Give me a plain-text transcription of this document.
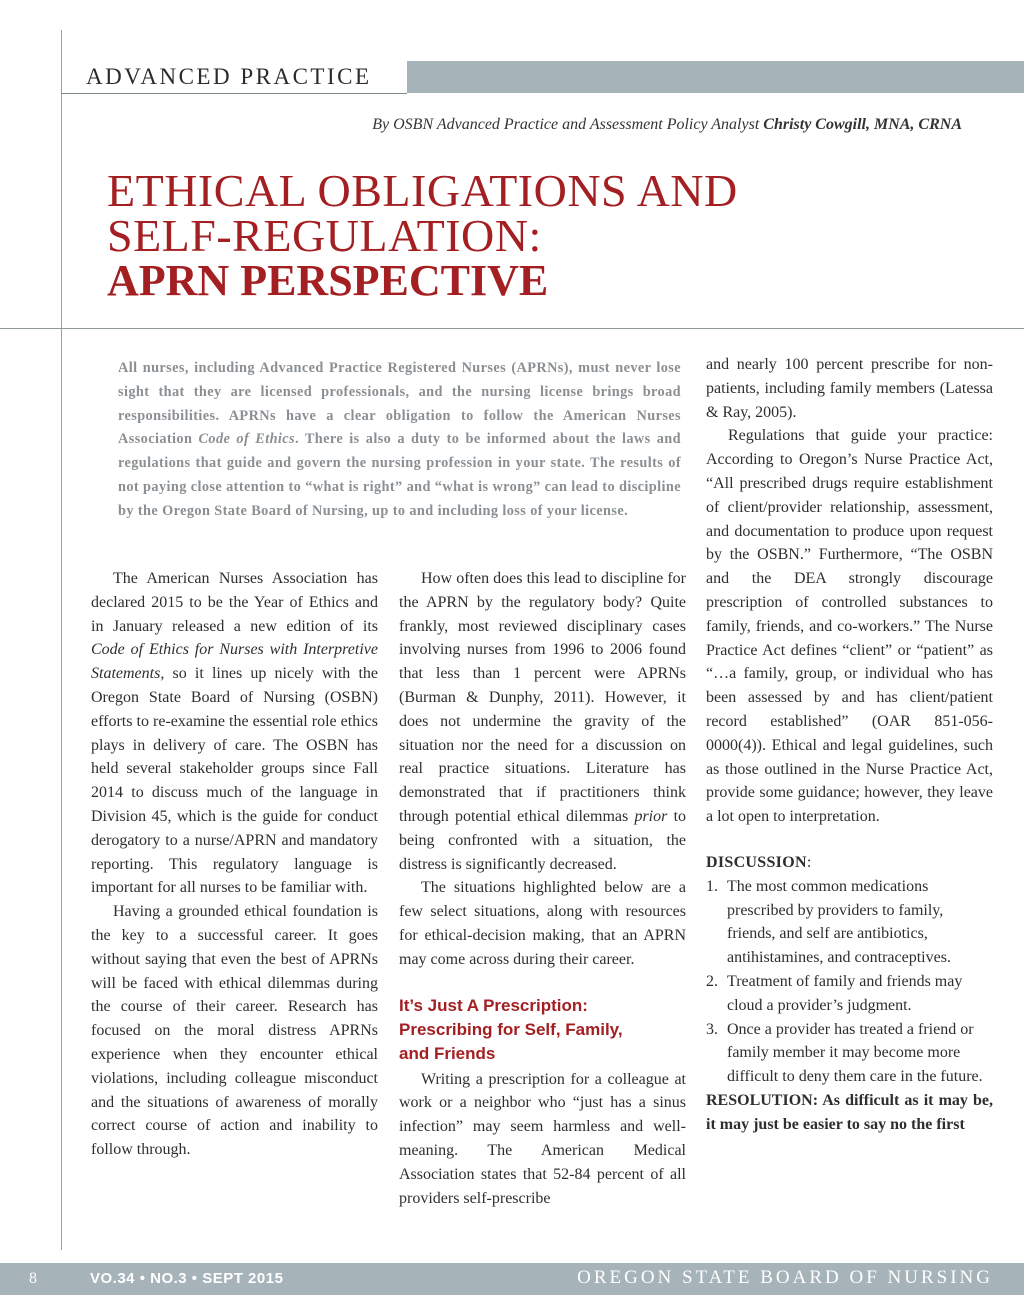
ADVANCED PRACTICE
By OSBN Advanced Practice and Assessment Policy Analyst Christy Cowgill, MNA, CRNA
ETHICAL OBLIGATIONS AND
SELF-REGULATION:
APRN PERSPECTIVE
All nurses, including Advanced Practice Registered Nurses (APRNs), must never lose sight that they are licensed professionals, and the nursing license brings broad responsibilities. APRNs have a clear obligation to follow the American Nurses Association Code of Ethics. There is also a duty to be informed about the laws and regulations that guide and govern the nursing profession in your state. The results of not paying close attention to “what is right” and “what is wrong” can lead to discipline by the Oregon State Board of Nursing, up to and including loss of your license.

The American Nurses Association has declared 2015 to be the Year of Ethics and in January released a new edition of its Code of Ethics for Nurses with Interpretive Statements, so it lines up nicely with the Oregon State Board of Nursing (OSBN) efforts to re-examine the essential role ethics plays in delivery of care. The OSBN has held several stakeholder groups since Fall 2014 to discuss much of the language in Division 45, which is the guide for conduct derogatory to a nurse/APRN and mandatory reporting. This regulatory language is important for all nurses to be familiar with.

Having a grounded ethical foundation is the key to a successful career. It goes without saying that even the best of APRNs will be faced with ethical dilemmas during the course of their career. Research has focused on the moral distress APRNs experience when they encounter ethical violations, including colleague misconduct and the situations of awareness of morally correct course of action and inability to follow through.

How often does this lead to discipline for the APRN by the regulatory body? Quite frankly, most reviewed disciplinary cases involving nurses from 1996 to 2006 found that less than 1 percent were APRNs (Burman & Dunphy, 2011). However, it does not undermine the gravity of the situation nor the need for a discussion on real practice situations. Literature has demonstrated that if practitioners think through potential ethical dilemmas prior to being confronted with a situation, the distress is significantly decreased.

The situations highlighted below are a few select situations, along with resources for ethical-decision making, that an APRN may come across during their career.

It’s Just A Prescription:
Prescribing for Self, Family,
and Friends

Writing a prescription for a colleague at work or a neighbor who “just has a sinus infection” may seem harmless and well-meaning. The American Medical Association states that 52-84 percent of all providers self-prescribe

and nearly 100 percent prescribe for non-patients, including family members (Latessa & Ray, 2005).

Regulations that guide your practice: According to Oregon’s Nurse Practice Act, “All prescribed drugs require establishment of client/provider relationship, assessment, and documentation to produce upon request by the OSBN.” Furthermore, “The OSBN and the DEA strongly discourage prescription of controlled substances to family, friends, and co-workers.” The Nurse Practice Act defines “client” or “patient” as “…a family, group, or individual who has been assessed by and has client/patient record established” (OAR 851-056-0000(4)). Ethical and legal guidelines, such as those outlined in the Nurse Practice Act, provide some guidance; however, they leave a lot open to interpretation.

DISCUSSION:
1. The most common medications prescribed by providers to family, friends, and self are antibiotics, antihistamines, and contraceptives.
2. Treatment of family and friends may cloud a provider’s judgment.
3. Once a provider has treated a friend or family member it may become more difficult to deny them care in the future.

RESOLUTION: As difficult as it may be, it may just be easier to say no the first

8	VO.34 • NO.3 • SEPT 2015	OREGON STATE BOARD OF NURSING
